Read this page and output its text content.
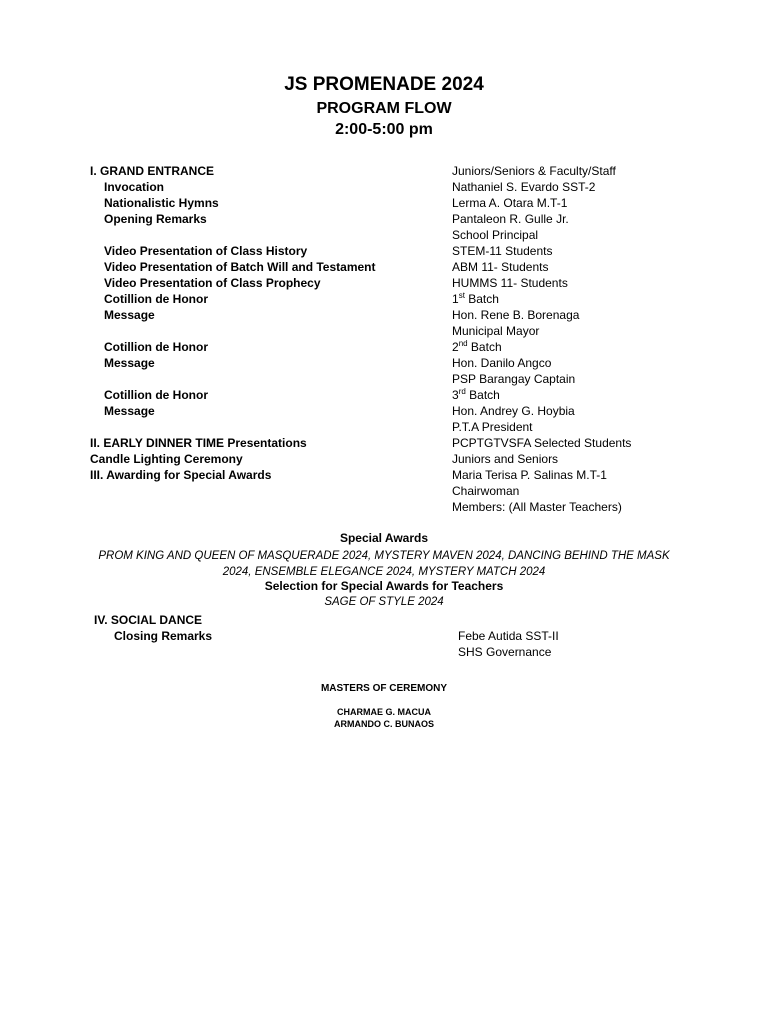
JS PROMENADE 2024
PROGRAM FLOW
2:00-5:00 pm
I. GRAND ENTRANCE
Invocation
Nationalistic Hymns
Opening Remarks
Video Presentation of Class History
Video Presentation of Batch Will and Testament
Video Presentation of Class Prophecy
Cotillion de Honor
Message
Cotillion de Honor
Message
Cotillion de Honor
Message
II. EARLY DINNER TIME Presentations
Candle Lighting Ceremony
III. Awarding for Special Awards
Juniors/Seniors & Faculty/Staff
Nathaniel S. Evardo SST-2
Lerma A. Otara M.T-1
Pantaleon R. Gulle Jr.
School Principal
STEM-11 Students
ABM 11- Students
HUMMS 11- Students
1st Batch
Hon. Rene B. Borenaga
Municipal Mayor
2nd Batch
Hon. Danilo Angco
PSP Barangay Captain
3rd Batch
Hon. Andrey G. Hoybia
P.T.A President
PCPTGTVSFA Selected Students
Juniors and Seniors
Maria Terisa P. Salinas M.T-1
Chairwoman
Members: (All Master Teachers)
Special Awards
PROM KING AND QUEEN OF MASQUERADE 2024, MYSTERY MAVEN 2024, DANCING BEHIND THE MASK 2024, ENSEMBLE ELEGANCE 2024, MYSTERY MATCH 2024
Selection for Special Awards for Teachers
SAGE OF STYLE 2024
IV. SOCIAL DANCE
Closing Remarks	Febe Autida SST-II
SHS Governance
MASTERS OF CEREMONY
CHARMAE G. MACUA
ARMANDO C. BUNAOS
